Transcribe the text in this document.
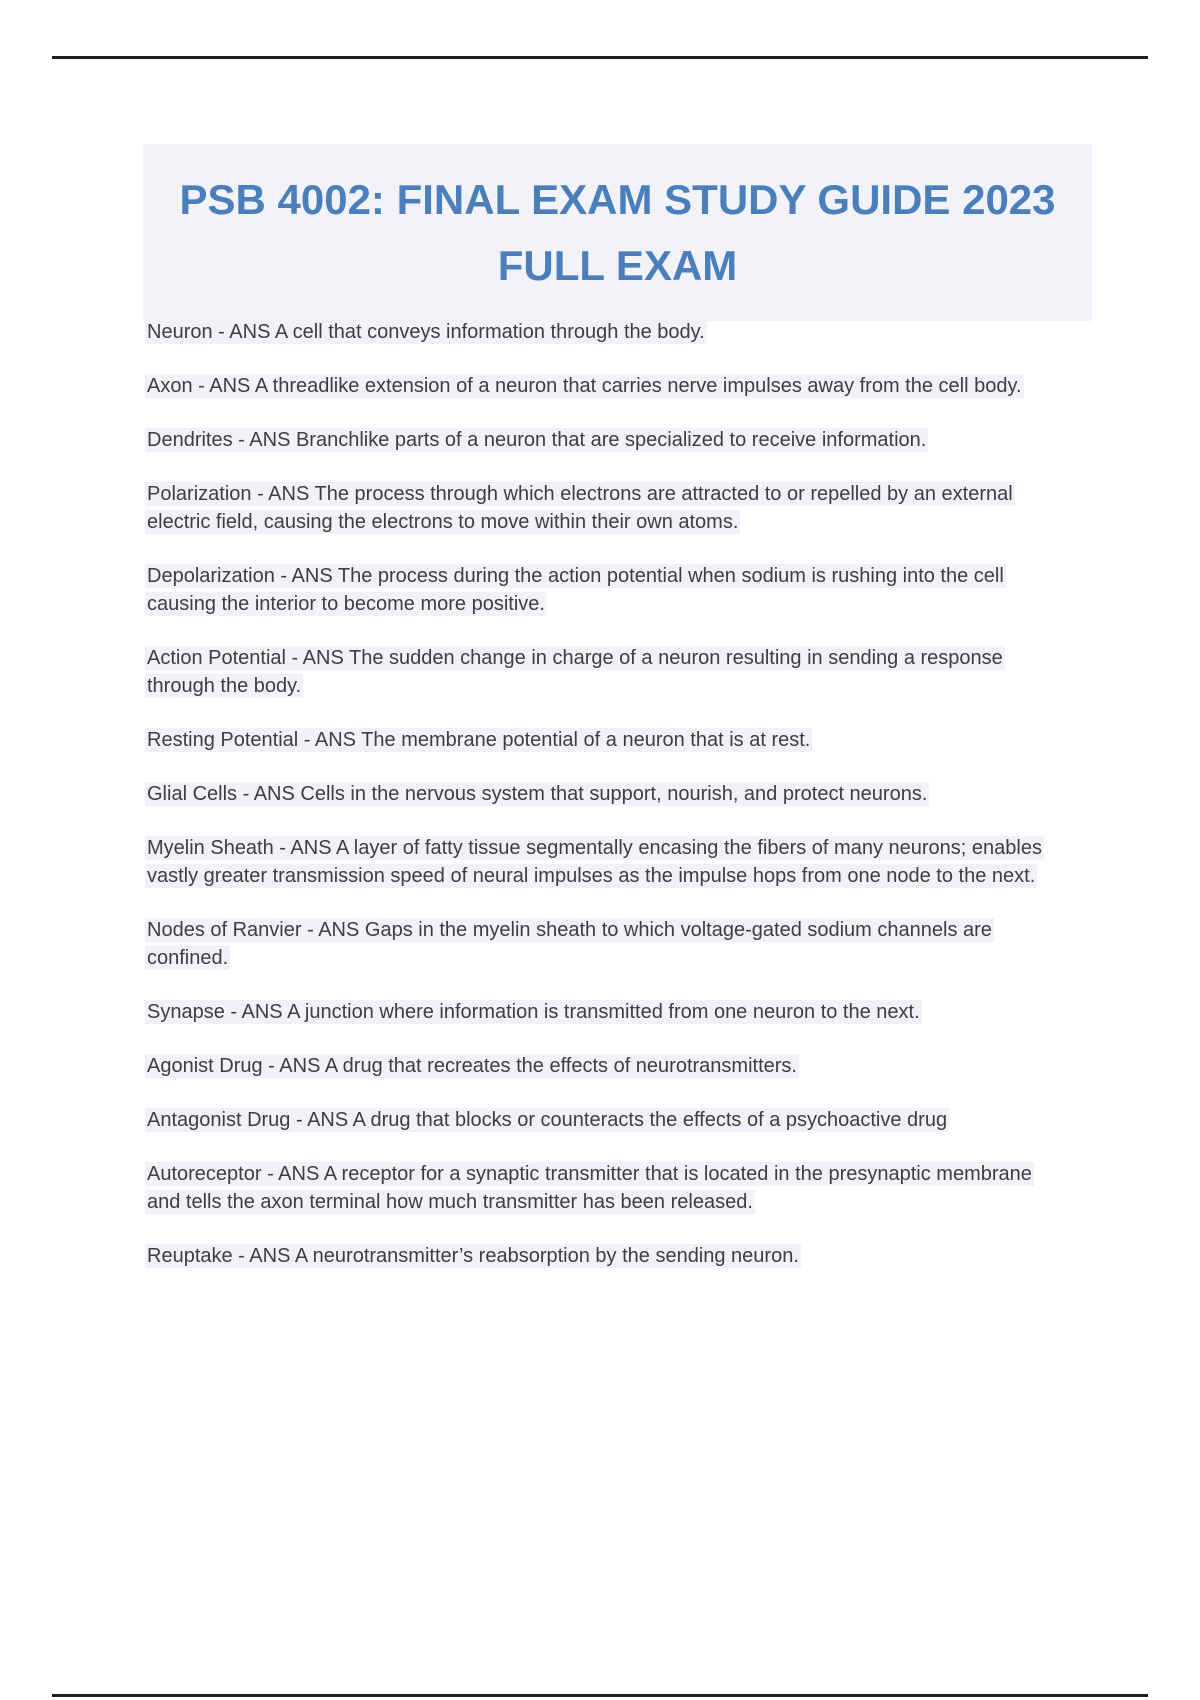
PSB 4002: FINAL EXAM STUDY GUIDE 2023
FULL EXAM

Neuron - ANS A cell that conveys information through the body.

Axon - ANS A threadlike extension of a neuron that carries nerve impulses away from the cell body.

Dendrites - ANS Branchlike parts of a neuron that are specialized to receive information.

Polarization - ANS The process through which electrons are attracted to or repelled by an external electric field, causing the electrons to move within their own atoms.

Depolarization - ANS The process during the action potential when sodium is rushing into the cell causing the interior to become more positive.

Action Potential - ANS The sudden change in charge of a neuron resulting in sending a response through the body.

Resting Potential - ANS The membrane potential of a neuron that is at rest.

Glial Cells - ANS Cells in the nervous system that support, nourish, and protect neurons.

Myelin Sheath - ANS A layer of fatty tissue segmentally encasing the fibers of many neurons; enables vastly greater transmission speed of neural impulses as the impulse hops from one node to the next.

Nodes of Ranvier - ANS Gaps in the myelin sheath to which voltage-gated sodium channels are confined.

Synapse - ANS A junction where information is transmitted from one neuron to the next.

Agonist Drug - ANS A drug that recreates the effects of neurotransmitters.

Antagonist Drug - ANS A drug that blocks or counteracts the effects of a psychoactive drug

Autoreceptor - ANS A receptor for a synaptic transmitter that is located in the presynaptic membrane and tells the axon terminal how much transmitter has been released.

Reuptake - ANS A neurotransmitter’s reabsorption by the sending neuron.
